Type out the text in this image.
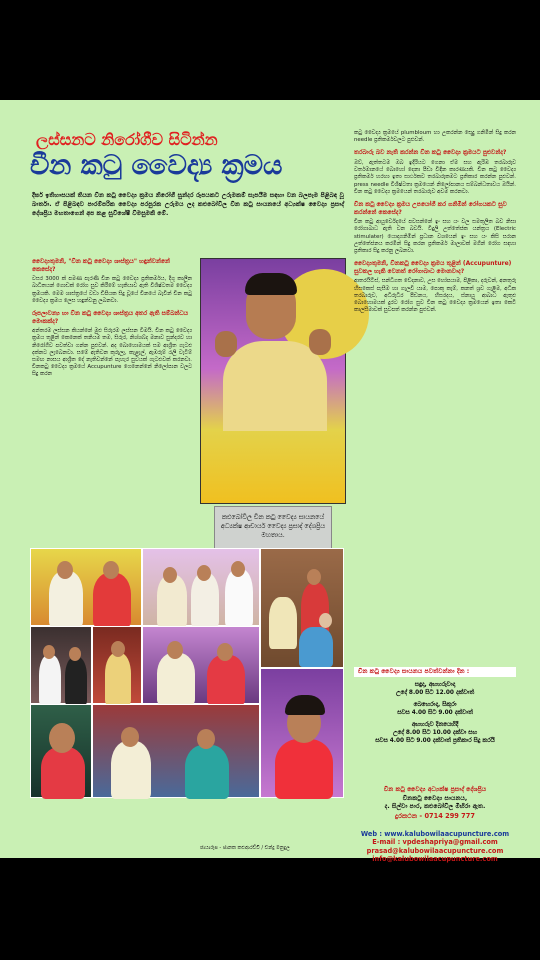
ලස්සනට නිරෝගීව සිටින්න
චීන කටු වෛද්‍ය ක්‍රමය
දීර්ඝ ඉතිහාසයක් තියන චීන කටු වෛද්‍ය ක්‍රමය නිරෝගී සුන්දර රූපයකට උරුමකම් සැපයීම සඳහා වන බලපෑම පිළිබඳ වූ බාර්තා. ඒ පිළිබඳව පාරම්පරික වෛද්‍ය පරපුරක උරුමය ලද කළුබෝවිල චීන කටු සායනයේ අධ්‍යක්ෂ වෛද්‍ය ප්‍රසාද් දේශප්‍රිය මහතාගෙන් අප කළ සුවිශේෂී විමසුමකි මේ.
වෛද්‍යතුමනි, "චීන කටු වෛද්‍ය ශාස්ත්‍රය" හඳුන්වන්නේ කෙසේද?
වසර 3000 ක් පමණ පැරණි චීන කටු වෛද්‍ය ප්‍රතිකර්මය, දිගු කාලීන බාධිතයන් ගොඩක් රෝග සුව කිරීමේ හැකියාව ඇති විශිෂ්ටතම වෛද්‍ය ක්‍රමයකි. මෙම ශාස්ත්‍රයේ වඩා ඩිපියක සිදු වූයේ චීනයේ බැවින් චීන කටු වෛද්‍ය ක්‍රමය ලෙස හඳුන්වනු ලබනවා.
රූපලාවන්‍ය හා චීන කටු වෛද්‍ය ශාස්ත්‍රය අතර ඇති සම්බන්ධය මොකක්ද?
අන්තරම ලස්සන කියන්නේ මුළු සිරුරම ලස්සන වීමයි. චීන කටු වෛද්‍ය ක්‍රමය තුළින් කෙනෙක් තනියම තම, සිරුර, නිශ්ශබ්ද මනාව සුන්දරව හා නිරෝගීව පවත්වා ගන්න පුළුවන්. අද බොහොමයක් සම ආශ්‍රිත ගැටළු දක්නට ලැබෙනවා. සමේ ඇතිවන කුරුලෑ, කැළැල්, ඇඹරුම් රැලි වැටීම් සමඟ නාසය ආශ්‍රිත දේ නැතිවන්නේ පැහැර සුවයක් ගැටළුවක් කරනවා. චීනකටු වෛද්‍ය ක්‍රමයේ Accupunture ගෙනෙන්නේ නිලෝපාන වලට සිදු කරන
කළුබෝවිල චීන කටු වෛද්‍ය සායනයේ අධ්‍යක්ෂ ආචාර්ය වෛද්‍ය ප්‍රසාද් දේශප්‍රිය මහතාය.
කටු වෛද්‍ය ක්‍රමයේ plumbloum හා උකරන්න සෙදුු ගනිමින් සිදු කරන needle ප්‍රතිකර්මවලට පුළුවන්.
තරබාරු බව නැති කරන්න චීන කටු වෛද්‍ය ක්‍රමයට පුළුවන්ද?
ඔව්, ඇත්තටම ඔබ ඉදිරියට ගෙනා ඒම සහ ඇරිඹ තරබාරුව වර්තමානයේ බොහෝ දෙනා පීඩා විඳින කාරණයකි. චීන කටු වෛද්‍ය ප්‍රතිකර්ම හරහා ඉතා සාර්ථකව තරබාරුකමට ප්‍රතිකාර කරන්න පුළුවන්. press needle විශිෂ්ටතා ක්‍රමයෙන් නිලෝපානය සම්බන්ධතාවය ඔයින්. චීන කටු වෛද්‍ය ක්‍රමයෙන් තරබාරුව අවම කරනවා.
චීන කටු වෛද්‍ය ක්‍රමය උපයෝගී කර ගනිමින් රෝගයකට සුව කරන්නේ කෙසේද?
චීන කටු ආයුර්වේදයේ පවසන්නේ ඉං සහ යං වල සමතුලිත බව නිසා රෝගාබාධ ඇති වන බවයි. විදුලි උත්තේජක යන්ත්‍රය (Electric stimulater) යොදාගනිමින් ප්‍රධාන වශයෙන් ඉං සහ යං කිසි සරාන උත්තේජනය කරමින් සිදු කරන ප්‍රතිකර්ම මාලාවක් මගින් රෝග සඳහා ප්‍රතිකාර සිදු කරනු ලබනවා.
වෛද්‍යතුමනි, චීනකටු වෛද්‍ය ක්‍රමය තුළින් (Accupunture) සුවකල හැකි වෙනත් රෝගාබාධ මොනවාද?
ආතරයිටිස්, සන්ධිගත වේදනාව, උස හෝපයාම, පිළිකා, දරුවන්, අනතුරු හිසකෙස් පැසීම හා ගැලවී යාම, පොකු කැම්, කනත් ශ්‍රව ගැළීම, අධික තරබාරුව, අධිරුධිර පීඩනය, හිසරදය, ස්නායු ආබාධ ඇතුළු බොහොමයක් දුරට රෝග සුව චීන කටු වෛද්‍ය ක්‍රමයෙන් ඉතා කෙටි කාලසීමාවක් සුවපත් කරන්න පුළුවන්.
චීන කටු වෛද්‍ය සායනය පවත්වන්නා දින :
සඳුදා, අඟහරුවාදා
උදේ 8.00 සිට 12.00 දක්වාත්
බෙහෙරාදා, සිකුරා
සවස 4.00 සිට 9.00 දක්වාත්
අඟහරුව දිනයෙහිදී
උදේ 8.00 සිට 10.00 දක්වා සහ
සවස 4.00 සිට 9.00 දක්වාත් ප්‍රතිකාර සිදු කරයි
චීන කටු වෛද්‍ය අධ්‍යක්ෂ ප්‍රසාද් දේශප්‍රිය
චීනකටු වෛද්‍ය සායනය,
ද. සිල්වා පාර, කළුබෝවිල මිහිරා ඇත.
දුරකථන - 0714 299 777
Web : www.kalubowilaacupuncture.com
E-mail : vpdeshapriya@gmail.com
prasad@kalubowilaacupuncture.com
info@kalubowilaacupuncture.com
ඡායාරූප - ජානක කළුආරච්චි / චන්දු මනුදුල
